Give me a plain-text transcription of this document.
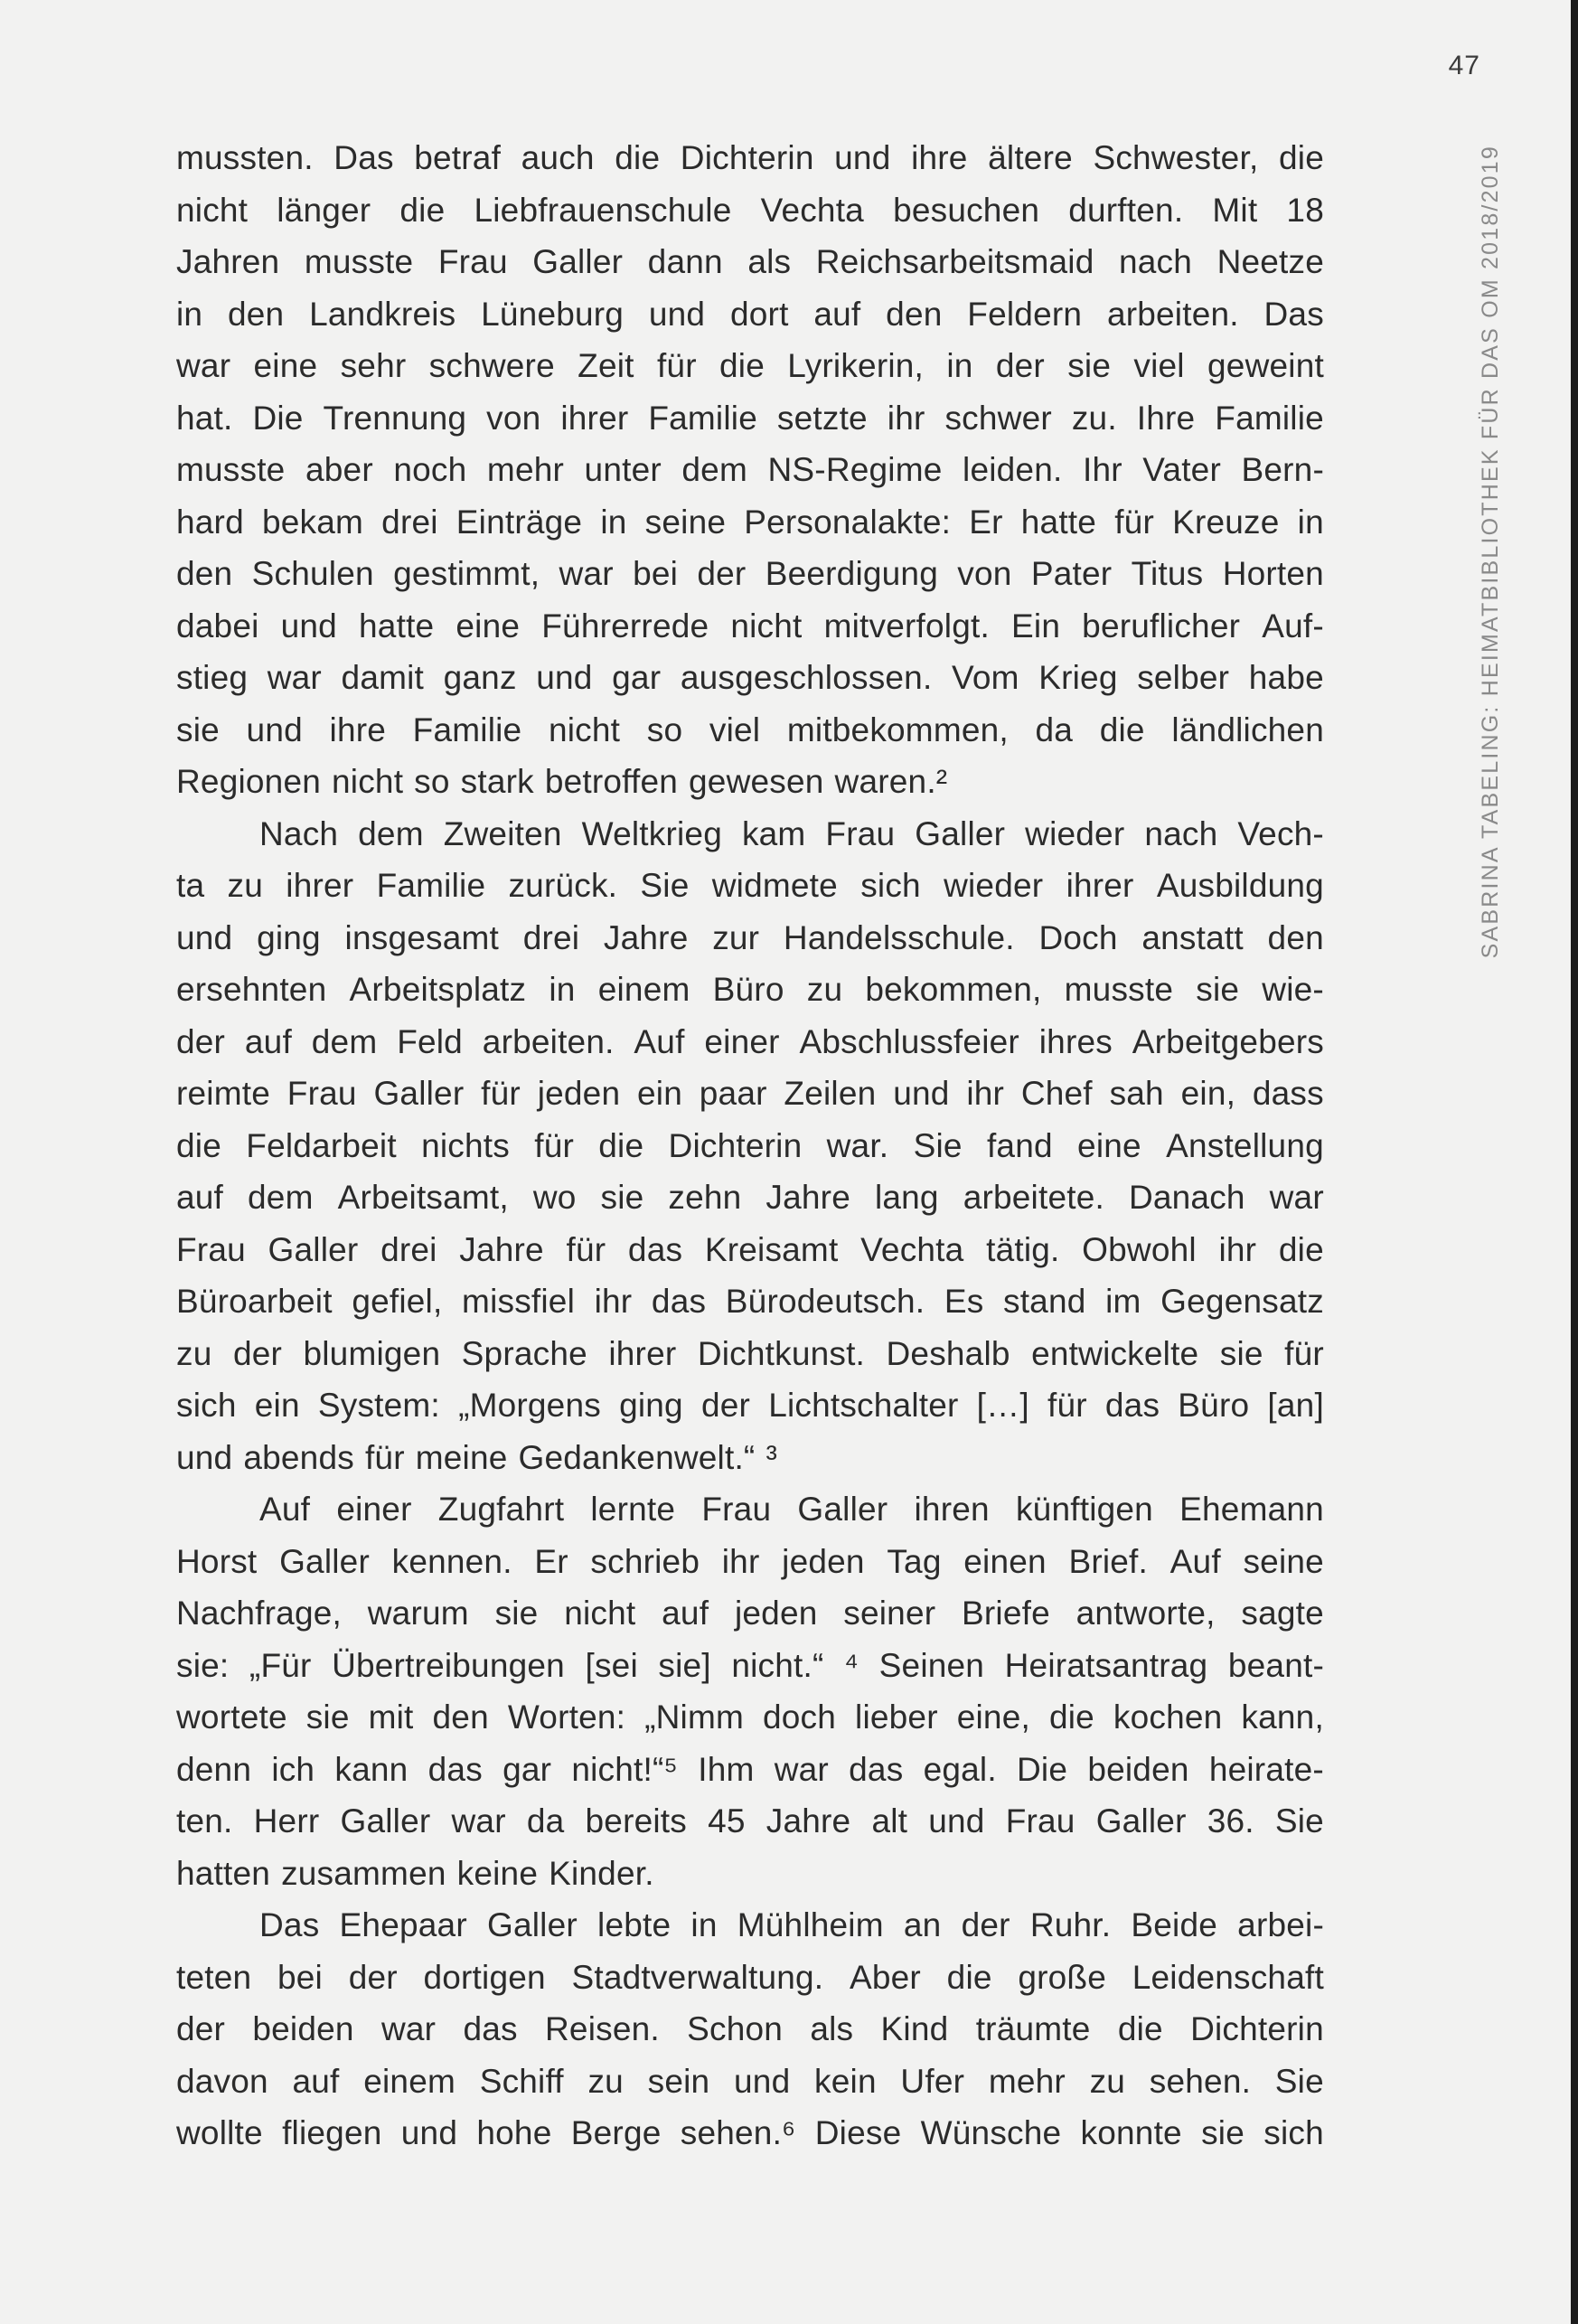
47
SABRINA TABELING: HEIMATBIBLIOTHEK FÜR DAS OM 2018/2019
mussten. Das betraf auch die Dichterin und ihre ältere Schwester, die
nicht länger die Liebfrauenschule Vechta besuchen durften. Mit 18
Jahren musste Frau Galler dann als Reichsarbeitsmaid nach Neetze
in den Landkreis Lüneburg und dort auf den Feldern arbeiten. Das
war eine sehr schwere Zeit für die Lyrikerin, in der sie viel geweint
hat. Die Trennung von ihrer Familie setzte ihr schwer zu. Ihre Familie
musste aber noch mehr unter dem NS-Regime leiden. Ihr Vater Bern-
hard bekam drei Einträge in seine Personalakte: Er hatte für Kreuze in
den Schulen gestimmt, war bei der Beerdigung von Pater Titus Horten
dabei und hatte eine Führerrede nicht mitverfolgt. Ein beruflicher Auf-
stieg war damit ganz und gar ausgeschlossen. Vom Krieg selber habe
sie und ihre Familie nicht so viel mitbekommen, da die ländlichen
Regionen nicht so stark betroffen gewesen waren.²
Nach dem Zweiten Weltkrieg kam Frau Galler wieder nach Vech-
ta zu ihrer Familie zurück. Sie widmete sich wieder ihrer Ausbildung
und ging insgesamt drei Jahre zur Handelsschule. Doch anstatt den
ersehnten Arbeitsplatz in einem Büro zu bekommen, musste sie wie-
der auf dem Feld arbeiten. Auf einer Abschlussfeier ihres Arbeitgebers
reimte Frau Galler für jeden ein paar Zeilen und ihr Chef sah ein, dass
die Feldarbeit nichts für die Dichterin war. Sie fand eine Anstellung
auf dem Arbeitsamt, wo sie zehn Jahre lang arbeitete. Danach war
Frau Galler drei Jahre für das Kreisamt Vechta tätig. Obwohl ihr die
Büroarbeit gefiel, missfiel ihr das Bürodeutsch. Es stand im Gegensatz
zu der blumigen Sprache ihrer Dichtkunst. Deshalb entwickelte sie für
sich ein System: „Morgens ging der Lichtschalter […] für das Büro [an]
und abends für meine Gedankenwelt.“ ³
Auf einer Zugfahrt lernte Frau Galler ihren künftigen Ehemann
Horst Galler kennen. Er schrieb ihr jeden Tag einen Brief. Auf seine
Nachfrage, warum sie nicht auf jeden seiner Briefe antworte, sagte
sie: „Für Übertreibungen [sei sie] nicht.“ ⁴ Seinen Heiratsantrag beant-
wortete sie mit den Worten: „Nimm doch lieber eine, die kochen kann,
denn ich kann das gar nicht!“⁵ Ihm war das egal. Die beiden heirate-
ten. Herr Galler war da bereits 45 Jahre alt und Frau Galler 36. Sie
hatten zusammen keine Kinder.
Das Ehepaar Galler lebte in Mühlheim an der Ruhr. Beide arbei-
teten bei der dortigen Stadtverwaltung. Aber die große Leidenschaft
der beiden war das Reisen. Schon als Kind träumte die Dichterin
davon auf einem Schiff zu sein und kein Ufer mehr zu sehen. Sie
wollte fliegen und hohe Berge sehen.⁶ Diese Wünsche konnte sie sich
